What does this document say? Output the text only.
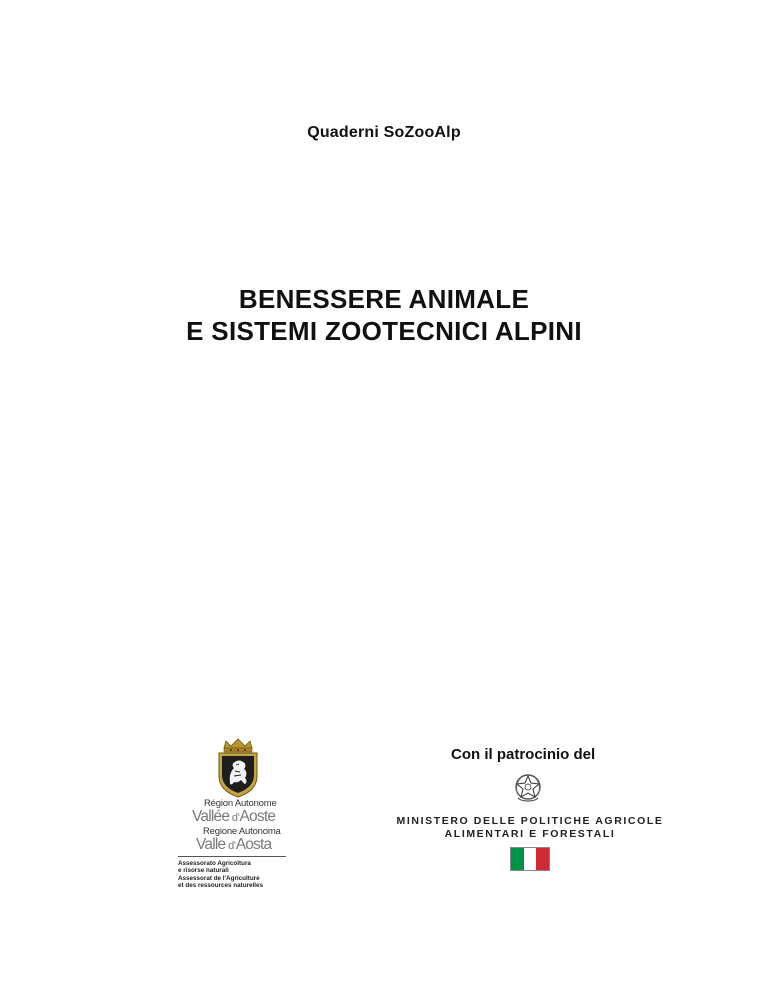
Quaderni SoZooAlp
BENESSERE ANIMALE
E SISTEMI ZOOTECNICI ALPINI
Région Autonome
Vallée d'Aoste
Regione Autonoma
Valle d'Aosta
Assessorato Agricoltura
e risorse naturali
Assessorat de l'Agriculture
et des ressources naturelles
Con il patrocinio del
MINISTERO DELLE POLITICHE AGRICOLE
ALIMENTARI E FORESTALI
